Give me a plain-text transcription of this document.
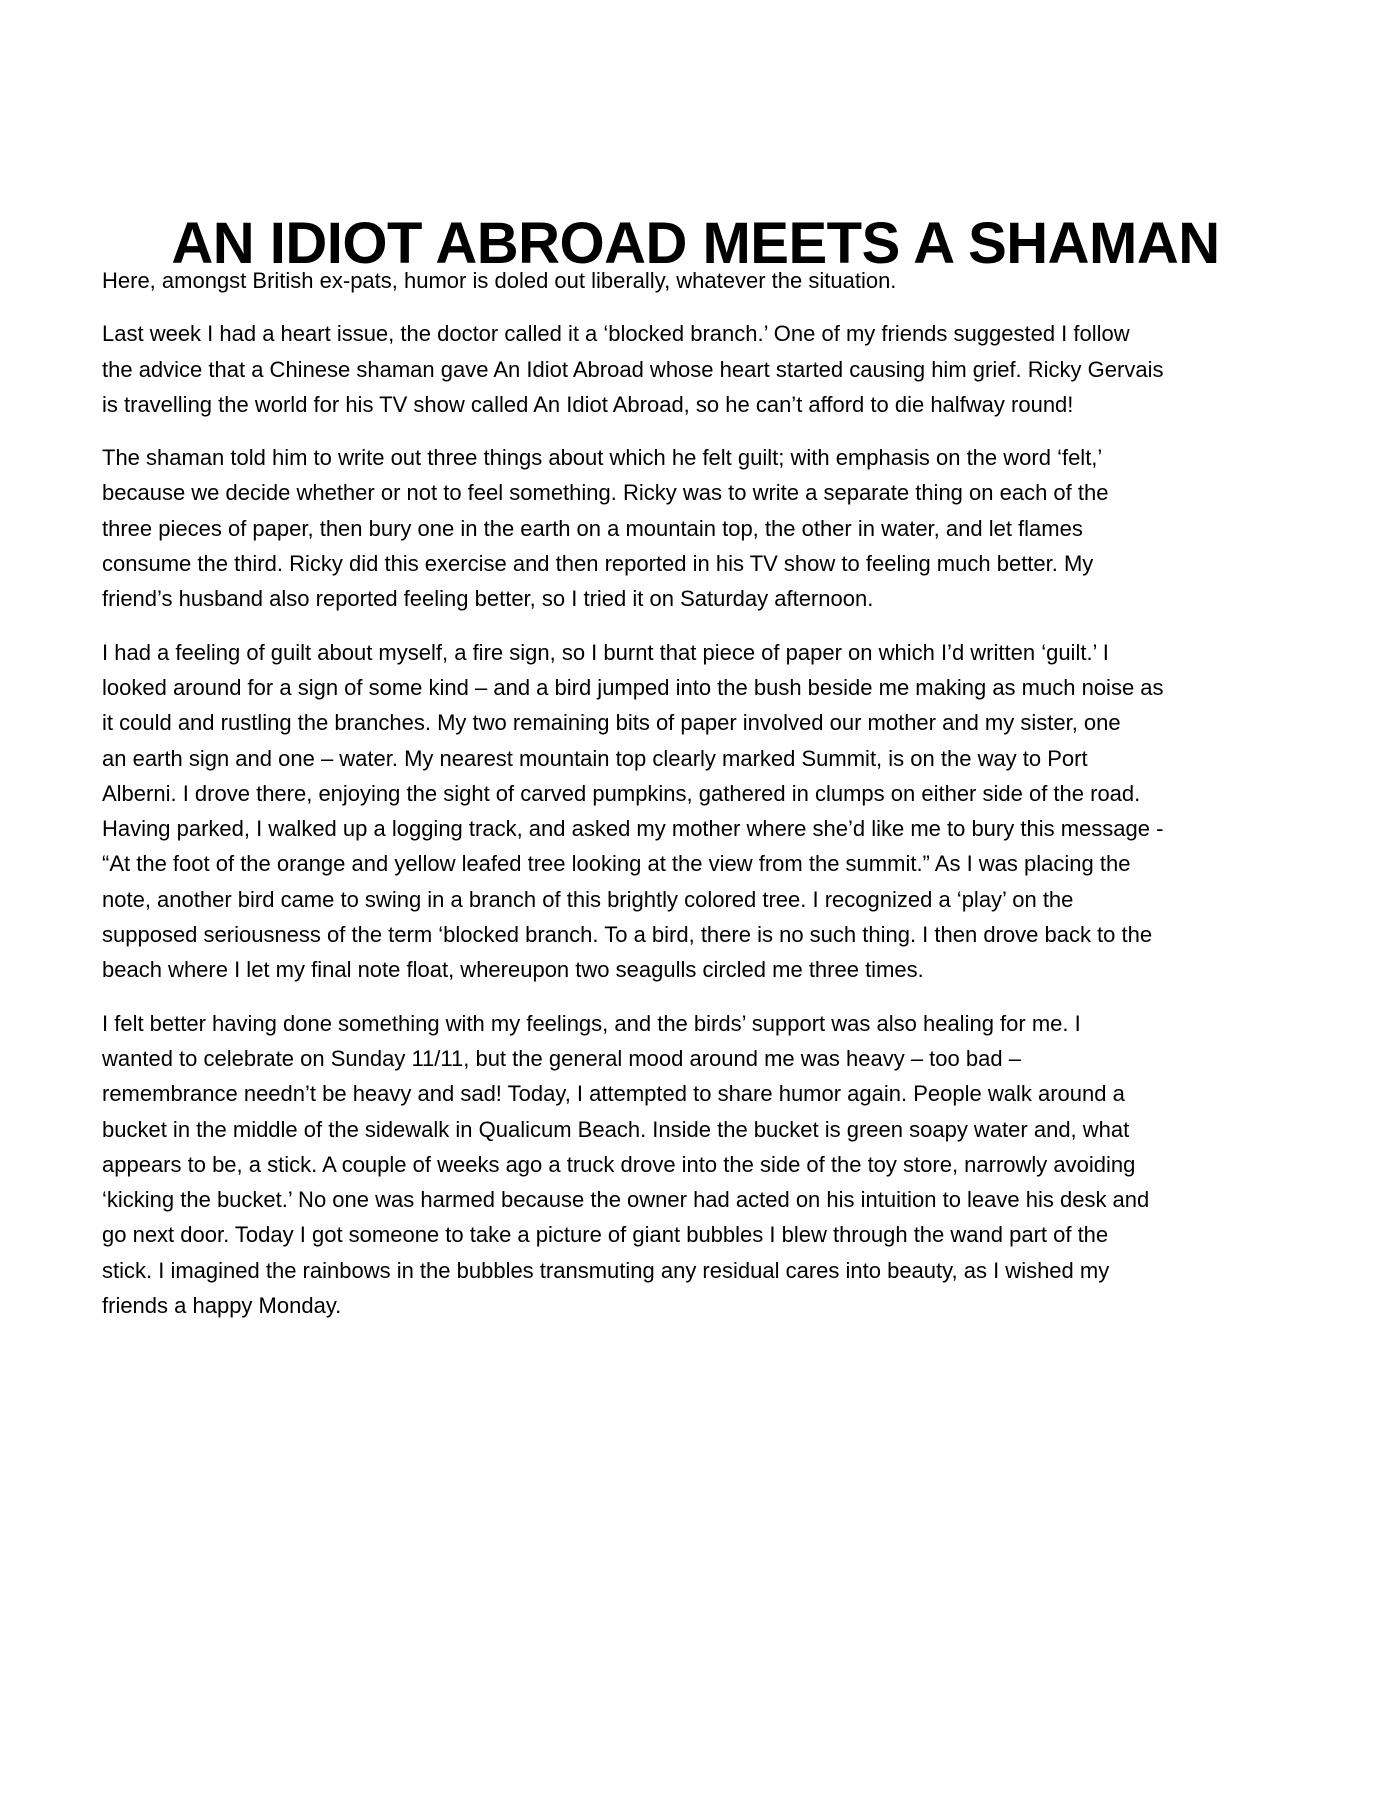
AN IDIOT ABROAD MEETS A SHAMAN
Here, amongst British ex-pats, humor is doled out liberally, whatever the situation.
Last week I had a heart issue, the doctor called it a ‘blocked branch.’ One of my friends suggested I follow
the advice that a Chinese shaman gave An Idiot Abroad whose heart started causing him grief. Ricky Gervais
is travelling the world for his TV show called An Idiot Abroad, so he can’t afford to die halfway round!
The shaman told him to write out three things about which he felt guilt; with emphasis on the word ‘felt,’
because we decide whether or not to feel something. Ricky was to write a separate thing on each of the
three pieces of paper, then bury one in the earth on a mountain top, the other in water, and let flames
consume the third. Ricky did this exercise and then reported in his TV show to feeling much better. My
friend’s husband also reported feeling better, so I tried it on Saturday afternoon.
I had a feeling of guilt about myself, a fire sign, so I burnt that piece of paper on which I’d written ‘guilt.’ I
looked around for a sign of some kind – and a bird jumped into the bush beside me making as much noise as
it could and rustling the branches. My two remaining bits of paper involved our mother and my sister, one
an earth sign and one – water. My nearest mountain top clearly marked Summit, is on the way to Port
Alberni. I drove there, enjoying the sight of carved pumpkins, gathered in clumps on either side of the road.
Having parked, I walked up a logging track, and asked my mother where she’d like me to bury this message -
“At the foot of the orange and yellow leafed tree looking at the view from the summit.” As I was placing the
note, another bird came to swing in a branch of this brightly colored tree. I recognized a ‘play’ on the
supposed seriousness of the term ‘blocked branch. To a bird, there is no such thing. I then drove back to the
beach where I let my final note float, whereupon two seagulls circled me three times.
I felt better having done something with my feelings, and the birds’ support was also healing for me. I
wanted to celebrate on Sunday 11/11, but the general mood around me was heavy – too bad –
remembrance needn’t be heavy and sad! Today, I attempted to share humor again. People walk around a
bucket in the middle of the sidewalk in Qualicum Beach. Inside the bucket is green soapy water and, what
appears to be, a stick. A couple of weeks ago a truck drove into the side of the toy store, narrowly avoiding
‘kicking the bucket.’ No one was harmed because the owner had acted on his intuition to leave his desk and
go next door. Today I got someone to take a picture of giant bubbles I blew through the wand part of the
stick. I imagined the rainbows in the bubbles transmuting any residual cares into beauty, as I wished my
friends a happy Monday.
